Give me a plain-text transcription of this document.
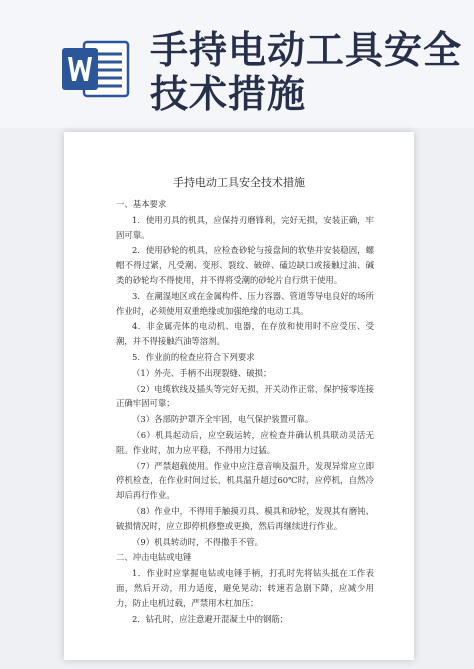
手持电动工具安全
技术措施
手持电动工具安全技术措施

一、基本要求

1．使用刃具的机具，应保持刃磨锋利，完好无损，安装正确，牢固可靠。

2．使用砂轮的机具，应检查砂轮与接盘间的软垫并安装稳固，螺帽不得过紧，凡受潮、变形、裂纹、破碎、磕边缺口或接触过油、碱类的砂轮均不得使用，并不得将受潮的砂轮片自行烘干使用。

3．在潮湿地区或在金属构件、压力容器、管道等导电良好的场所作业时，必须使用双重绝缘或加强绝缘的电动工具。

4．非金属壳体的电动机、电器，在存放和使用时不应受压、受潮，并不得接触汽油等溶剂。

5．作业前的检查应符合下列要求

（1）外壳、手柄不出现裂缝、破损；

（2）电缆软线及插头等完好无损，开关动作正常，保护接零连接正确牢固可靠；

（3）各部防护罩齐全牢固，电气保护装置可靠。

（6）机具起动后，应空载运转，应检查并确认机具联动灵活无阻。作业时，加力应平稳，不得用力过猛。

（7）严禁超载使用。作业中应注意音响及温升，发现异常应立即停机检查，在作业时间过长，机具温升超过60℃时，应停机，自然冷却后再行作业。

（8）作业中，不得用手触摸刃具、模具和砂轮，发现其有磨钝、破损情况时，应立即停机修整或更换，然后再继续进行作业。

（9）机具转动时，不得撒手不管。

二、冲击电钻或电锤

1．作业时应掌握电钻或电锤手柄，打孔时先将钻头抵在工作表面，然后开动，用力适度，避免晃动；转速若急剧下降，应减少用力，防止电机过载，严禁用木杠加压；

2．钻孔时，应注意避开混凝土中的钢筋；
